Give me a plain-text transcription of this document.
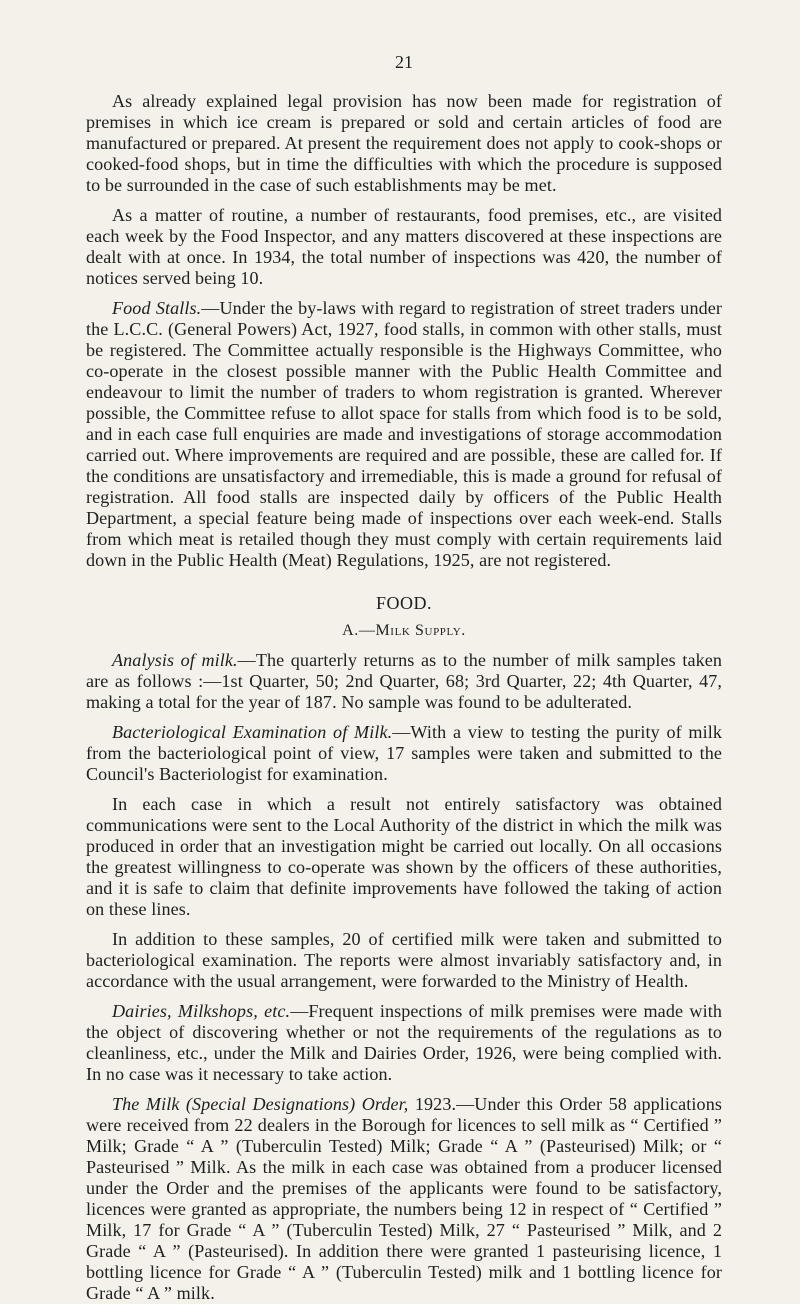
21

As already explained legal provision has now been made for registration of premises in which ice cream is prepared or sold and certain articles of food are manufactured or prepared. At present the requirement does not apply to cook-shops or cooked-food shops, but in time the difficulties with which the procedure is supposed to be surrounded in the case of such establishments may be met.

As a matter of routine, a number of restaurants, food premises, etc., are visited each week by the Food Inspector, and any matters discovered at these inspections are dealt with at once. In 1934, the total number of inspections was 420, the number of notices served being 10.

Food Stalls.—Under the by-laws with regard to registration of street traders under the L.C.C. (General Powers) Act, 1927, food stalls, in common with other stalls, must be registered. The Committee actually responsible is the Highways Committee, who co-operate in the closest possible manner with the Public Health Committee and endeavour to limit the number of traders to whom registration is granted. Wherever possible, the Committee refuse to allot space for stalls from which food is to be sold, and in each case full enquiries are made and investigations of storage accommodation carried out. Where improvements are required and are possible, these are called for. If the conditions are unsatisfactory and irremediable, this is made a ground for refusal of registration. All food stalls are inspected daily by officers of the Public Health Department, a special feature being made of inspections over each week-end. Stalls from which meat is retailed though they must comply with certain requirements laid down in the Public Health (Meat) Regulations, 1925, are not registered.

FOOD.
A.—Milk Supply.

Analysis of milk.—The quarterly returns as to the number of milk samples taken are as follows :—1st Quarter, 50; 2nd Quarter, 68; 3rd Quarter, 22; 4th Quarter, 47, making a total for the year of 187. No sample was found to be adulterated.

Bacteriological Examination of Milk.—With a view to testing the purity of milk from the bacteriological point of view, 17 samples were taken and submitted to the Council's Bacteriologist for examination.

In each case in which a result not entirely satisfactory was obtained communications were sent to the Local Authority of the district in which the milk was produced in order that an investigation might be carried out locally. On all occasions the greatest willingness to co-operate was shown by the officers of these authorities, and it is safe to claim that definite improvements have followed the taking of action on these lines.

In addition to these samples, 20 of certified milk were taken and submitted to bacteriological examination. The reports were almost invariably satisfactory and, in accordance with the usual arrangement, were forwarded to the Ministry of Health.

Dairies, Milkshops, etc.—Frequent inspections of milk premises were made with the object of discovering whether or not the requirements of the regulations as to cleanliness, etc., under the Milk and Dairies Order, 1926, were being complied with. In no case was it necessary to take action.

The Milk (Special Designations) Order, 1923.—Under this Order 58 applications were received from 22 dealers in the Borough for licences to sell milk as “ Certified ” Milk; Grade “ A ” (Tuberculin Tested) Milk; Grade “ A ” (Pasteurised) Milk; or “ Pasteurised ” Milk. As the milk in each case was obtained from a producer licensed under the Order and the premises of the applicants were found to be satisfactory, licences were granted as appropriate, the numbers being 12 in respect of “ Certified ” Milk, 17 for Grade “ A ” (Tuberculin Tested) Milk, 27 “ Pasteurised ” Milk, and 2 Grade “ A ” (Pasteurised). In addition there were granted 1 pasteurising licence, 1 bottling licence for Grade “ A ” (Tuberculin Tested) milk and 1 bottling licence for Grade “ A ” milk.
